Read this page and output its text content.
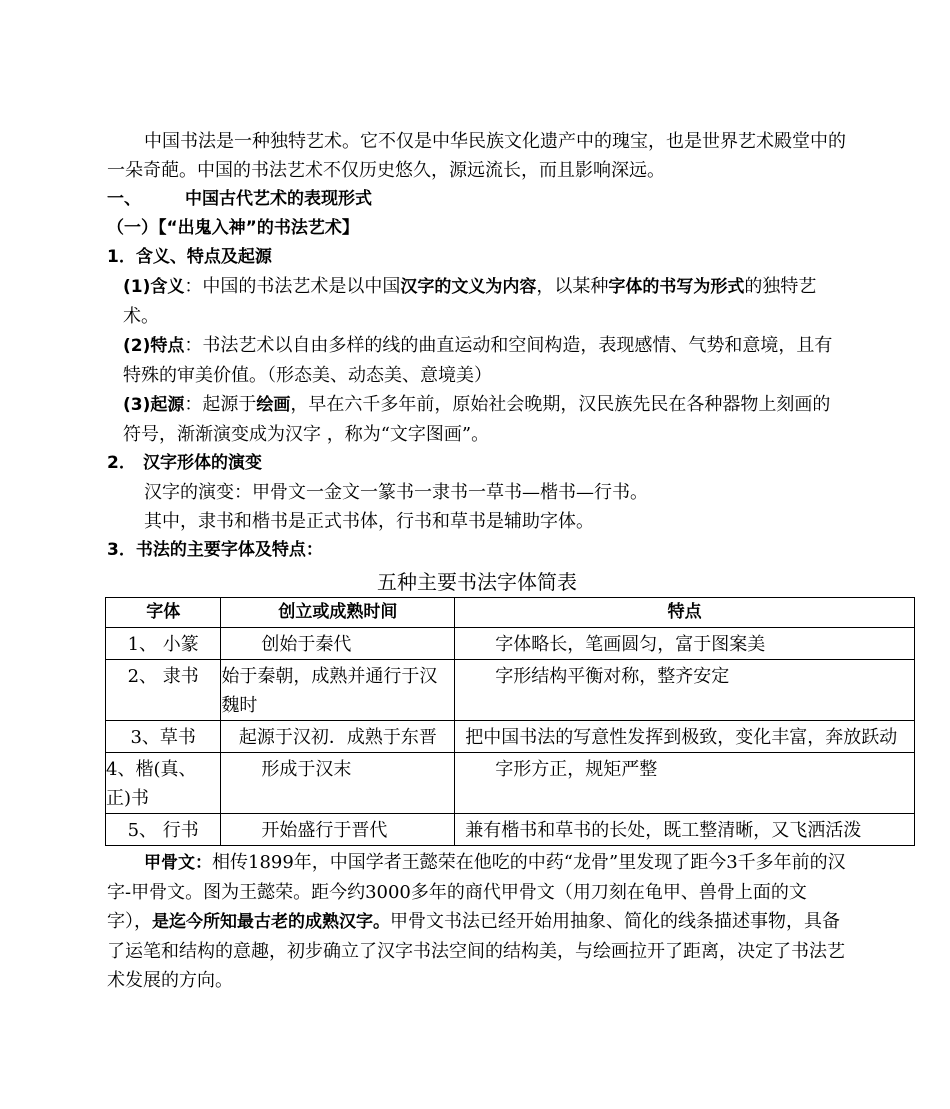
中国书法是一种独特艺术。它不仅是中华民族文化遗产中的瑰宝，也是世界艺术殿堂中的一朵奇葩。中国的书法艺术不仅历史悠久，源远流长，而且影响深远。

一、	中国古代艺术的表现形式

（一）【“出鬼入神”的书法艺术】

1．含义、特点及起源

(1)含义：中国的书法艺术是以中国汉字的文义为内容，以某种字体的书写为形式的独特艺术。

(2)特点：书法艺术以自由多样的线的曲直运动和空间构造，表现感情、气势和意境，且有特殊的审美价值。（形态美、动态美、意境美）

(3)起源：起源于绘画，早在六千多年前，原始社会晚期，汉民族先民在各种器物上刻画的符号，渐渐演变成为汉字 ，称为“文字图画”。

2． 汉字形体的演变

汉字的演变：甲骨文一金文一篆书一隶书一草书—楷书—行书。

其中，隶书和楷书是正式书体，行书和草书是辅助字体。

3．书法的主要字体及特点：

五种主要书法字体简表
字体	创立或成熟时间	特点
1、 小篆	创始于秦代	字体略长，笔画圆匀，富于图案美
2、 隶书	始于秦朝，成熟并通行于汉魏时	字形结构平衡对称，整齐安定
3、草书	起源于汉初．成熟于东晋	把中国书法的写意性发挥到极致，变化丰富，奔放跃动
4、楷(真、正)书	形成于汉末	字形方正，规矩严整
5、 行书	开始盛行于晋代	兼有楷书和草书的长处，既工整清晰，又飞洒活泼

甲骨文：相传1899年，中国学者王懿荣在他吃的中药“龙骨”里发现了距今3千多年前的汉字-甲骨文。图为王懿荣。距今约3000多年的商代甲骨文（用刀刻在龟甲、兽骨上面的文字），是迄今所知最古老的成熟汉字。甲骨文书法已经开始用抽象、简化的线条描述事物，具备了运笔和结构的意趣，初步确立了汉字书法空间的结构美，与绘画拉开了距离，决定了书法艺术发展的方向。
